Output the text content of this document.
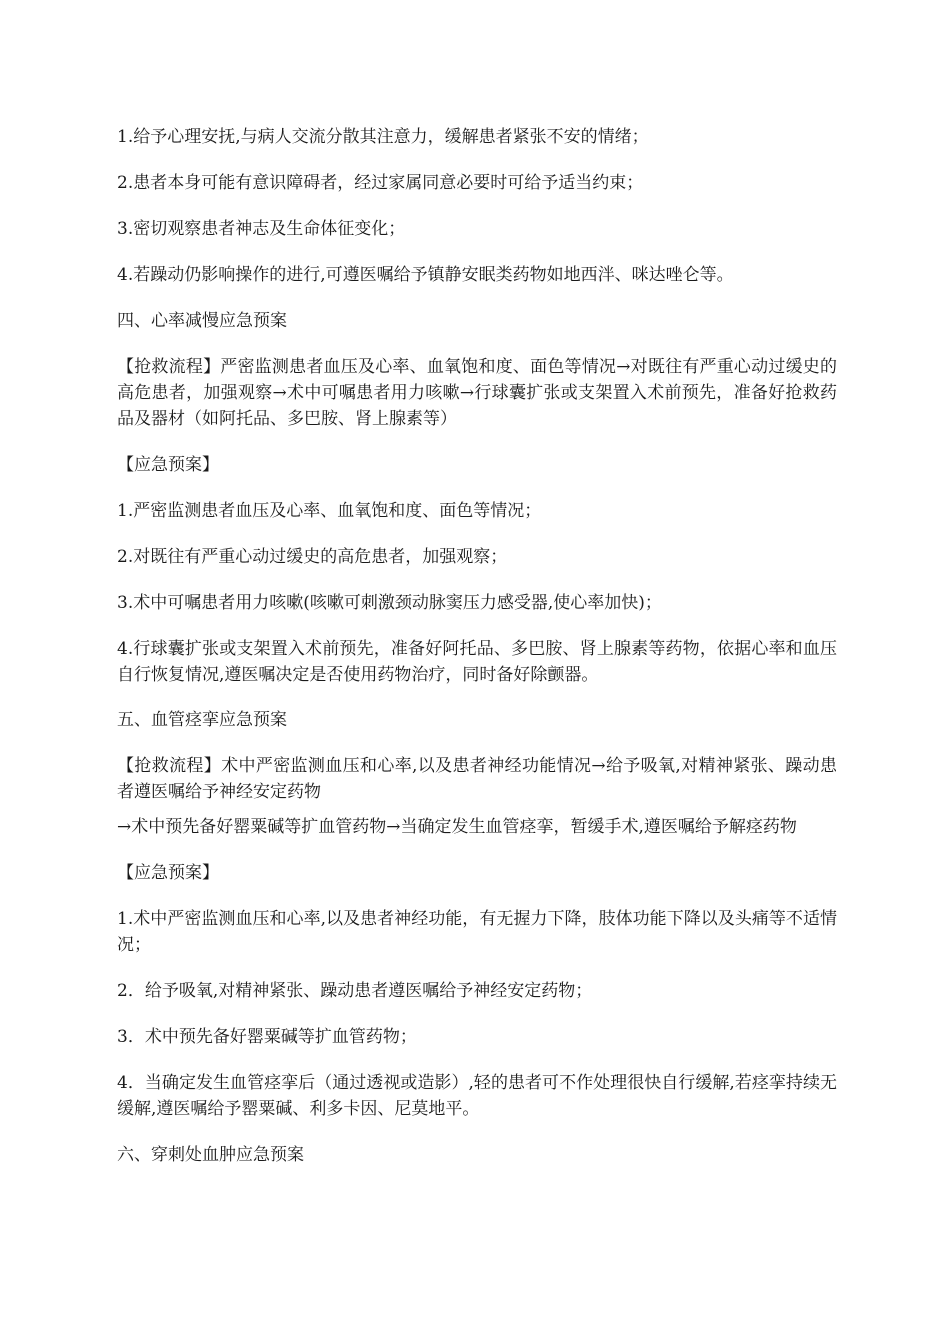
1.给予心理安抚,与病人交流分散其注意力，缓解患者紧张不安的情绪；

2.患者本身可能有意识障碍者，经过家属同意必要时可给予适当约束；

3.密切观察患者神志及生命体征变化；

4.若躁动仍影响操作的进行,可遵医嘱给予镇静安眠类药物如地西泮、咪达唑仑等。

四、心率减慢应急预案

【抢救流程】严密监测患者血压及心率、血氧饱和度、面色等情况→对既往有严重心动过缓史的高危患者，加强观察→术中可嘱患者用力咳嗽→行球囊扩张或支架置入术前预先，准备好抢救药品及器材（如阿托品、多巴胺、肾上腺素等）

【应急预案】

1.严密监测患者血压及心率、血氧饱和度、面色等情况；

2.对既往有严重心动过缓史的高危患者，加强观察；

3.术中可嘱患者用力咳嗽(咳嗽可刺激颈动脉窦压力感受器,使心率加快)；

4.行球囊扩张或支架置入术前预先，准备好阿托品、多巴胺、肾上腺素等药物，依据心率和血压自行恢复情况,遵医嘱决定是否使用药物治疗，同时备好除颤器。

五、血管痉挛应急预案

【抢救流程】术中严密监测血压和心率,以及患者神经功能情况→给予吸氧,对精神紧张、躁动患者遵医嘱给予神经安定药物

→术中预先备好罂粟碱等扩血管药物→当确定发生血管痉挛，暂缓手术,遵医嘱给予解痉药物

【应急预案】

1.术中严密监测血压和心率,以及患者神经功能，有无握力下降，肢体功能下降以及头痛等不适情况；

2．给予吸氧,对精神紧张、躁动患者遵医嘱给予神经安定药物；

3．术中预先备好罂粟碱等扩血管药物；

4．当确定发生血管痉挛后（通过透视或造影）,轻的患者可不作处理很快自行缓解,若痉挛持续无缓解,遵医嘱给予罂粟碱、利多卡因、尼莫地平。

六、穿刺处血肿应急预案
